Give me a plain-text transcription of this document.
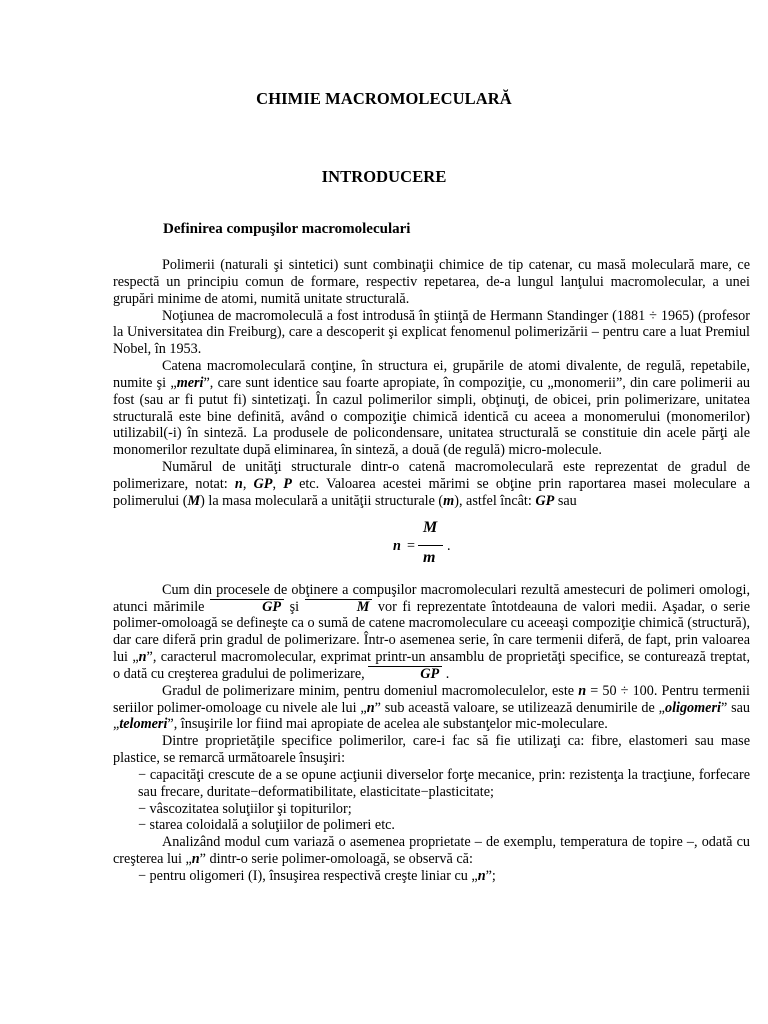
CHIMIE MACROMOLECULARĂ
INTRODUCERE
Definirea compuşilor macromoleculari

Polimerii (naturali şi sintetici) sunt combinaţii chimice de tip catenar, cu masă moleculară mare, ce respectă un principiu comun de formare, respectiv repetarea, de-a lungul lanţului macromolecular, a unei grupări minime de atomi, numită unitate structurală.

Noţiunea de macromoleculă a fost introdusă în ştiinţă de Hermann Standinger (1881 ÷ 1965) (profesor la Universitatea din Freiburg), care a descoperit şi explicat fenomenul polimerizării – pentru care a luat Premiul Nobel, în 1953.

Catena macromoleculară conţine, în structura ei, grupările de atomi divalente, de regulă, repetabile, numite şi „meri”, care sunt identice sau foarte apropiate, în compoziţie, cu „monomerii”, din care polimerii au fost (sau ar fi putut fi) sintetizaţi. În cazul polimerilor simpli, obţinuţi, de obicei, prin polimerizare, unitatea structurală este bine definită, având o compoziţie chimică identică cu aceea a monomerului (monomerilor) utilizabil(-i) în sinteză. La produsele de policondensare, unitatea structurală se constituie din acele părţi ale monomerilor rezultate după eliminarea, în sinteză, a două (de regulă) micro-molecule.

Numărul de unităţi structurale dintr-o catenă macromoleculară este reprezentat de gradul de polimerizare, notat: n, GP, P etc. Valoarea acestei mărimi se obţine prin raportarea masei moleculare a polimerului (M) la masa moleculară a unităţii structurale (m), astfel încât: GP sau

n =
M
m
.

Cum din procesele de obţinere a compuşilor macromoleculari rezultă amestecuri de polimeri omologi, atunci mărimile	GP şi	M vor fi reprezentate întotdeauna de valori medii. Aşadar, o serie polimer-omoloagă se defineşte ca o sumă de catene macromoleculare cu aceeaşi compoziţie chimică (structură), dar care diferă prin gradul de polimerizare. Într-o asemenea serie, în care termenii diferă, de fapt, prin valoarea lui „n”, caracterul macromolecular, exprimat printr-un ansamblu de proprietăţi specifice, se conturează treptat, o dată cu creşterea gradului de polimerizare,	GP .

Gradul de polimerizare minim, pentru domeniul macromoleculelor, este n = 50 ÷ 100. Pentru termenii seriilor polimer-omoloage cu nivele ale lui „n” sub această valoare, se utilizează denumirile de „oligomeri” sau „telomeri”, însuşirile lor fiind mai apropiate de acelea ale substanţelor mic-moleculare.

Dintre proprietăţile specifice polimerilor, care-i fac să fie utilizaţi ca: fibre, elastomeri sau mase plastice, se remarcă următoarele însuşiri:

− capacităţi crescute de a se opune acţiunii diverselor forţe mecanice, prin: rezistenţa la tracţiune, forfecare sau frecare, duritate−deformatibilitate, elasticitate−plasticitate;

− vâscozitatea soluţiilor şi topiturilor;

− starea coloidală a soluţiilor de polimeri etc.

Analizând modul cum variază o asemenea proprietate – de exemplu, temperatura de topire –, odată cu creşterea lui „n” dintr-o serie polimer-omoloagă, se observă că:

− pentru oligomeri (I), însuşirea respectivă creşte liniar cu „n”;
